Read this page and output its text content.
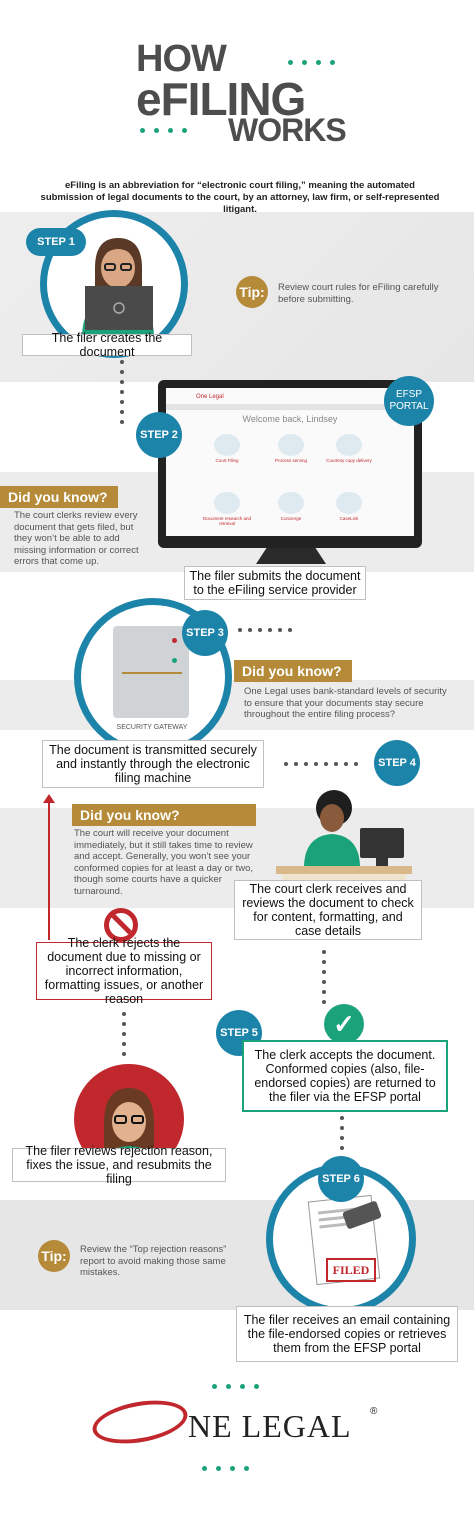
HOW
eFILING
WORKS
eFiling is an abbreviation for “electronic court filing,” meaning the automated submission of legal documents to the court, by an attorney, law firm, or self-represented litigant.
STEP 1
The filer creates the document
Tip:	Review court rules for eFiling carefully before submitting.
One Legal
Welcome back, Lindsey
Court Filing	Process serving	Courtesy copy delivery
Document research and retrieval
Concierge	CaseLink
EFSP PORTAL
STEP 2
Did you know?
The court clerks review every document that gets filed, but they won’t be able to add missing information or correct errors that come up.
The filer submits the document to the eFiling service provider
SECURITY GATEWAY
STEP 3
Did you know?
One Legal uses bank-standard levels of security to ensure that your documents stay secure throughout the entire filing process?
The document is transmitted securely and instantly through the electronic filing machine
STEP 4
Did you know?
The court will receive your document immediately, but it still takes time to review and accept. Generally, you won’t see your conformed copies for at least a day or two, though some courts have a quicker turnaround.	The court clerk receives and reviews the document to check for content, formatting, and case details
The clerk rejects the document due to missing or incorrect information, formatting issues, or another reason
✓
STEP 5
The clerk accepts the document. Conformed copies (also, file-endorsed copies) are returned to the filer via the EFSP portal
The filer reviews rejection reason, fixes the issue, and resubmits the filing
FILED
STEP 6
Tip:	Review the “Top rejection reasons” report to avoid making those same mistakes.
The filer receives an email containing the file-endorsed copies or retrieves them from the EFSP portal
NE LEGAL ®
